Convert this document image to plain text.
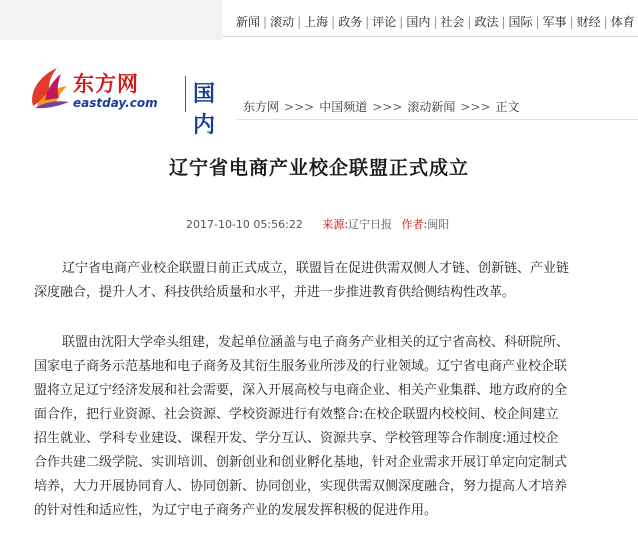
新闻 | 滚动 | 上海 | 政务 | 评论 | 国内 | 社会 | 政法 | 国际 | 军事 | 财经 | 体育
东方网
eastday.com 国内
东方网 >>> 中国频道 >>> 滚动新闻 >>> 正文
辽宁省电商产业校企联盟正式成立
2017-10-10 05:56:22 来源:辽宁日报 作者:闽阳
辽宁省电商产业校企联盟日前正式成立，联盟旨在促进供需双侧人才链、创新链、产业链
深度融合，提升人才、科技供给质量和水平，并进一步推进教育供给侧结构性改革。
联盟由沈阳大学牵头组建，发起单位涵盖与电子商务产业相关的辽宁省高校、科研院所、
国家电子商务示范基地和电子商务及其衍生服务业所涉及的行业领域。辽宁省电商产业校企联
盟将立足辽宁经济发展和社会需要，深入开展高校与电商企业、相关产业集群、地方政府的全
面合作，把行业资源、社会资源、学校资源进行有效整合:在校企联盟内校校间、校企间建立
招生就业、学科专业建设、课程开发、学分互认、资源共享、学校管理等合作制度:通过校企
合作共建二级学院、实训培训、创新创业和创业孵化基地，针对企业需求开展订单定向定制式
培养，大力开展协同育人、协同创新、协同创业，实现供需双侧深度融合，努力提高人才培养
的针对性和适应性，为辽宁电子商务产业的发展发挥积极的促进作用。
